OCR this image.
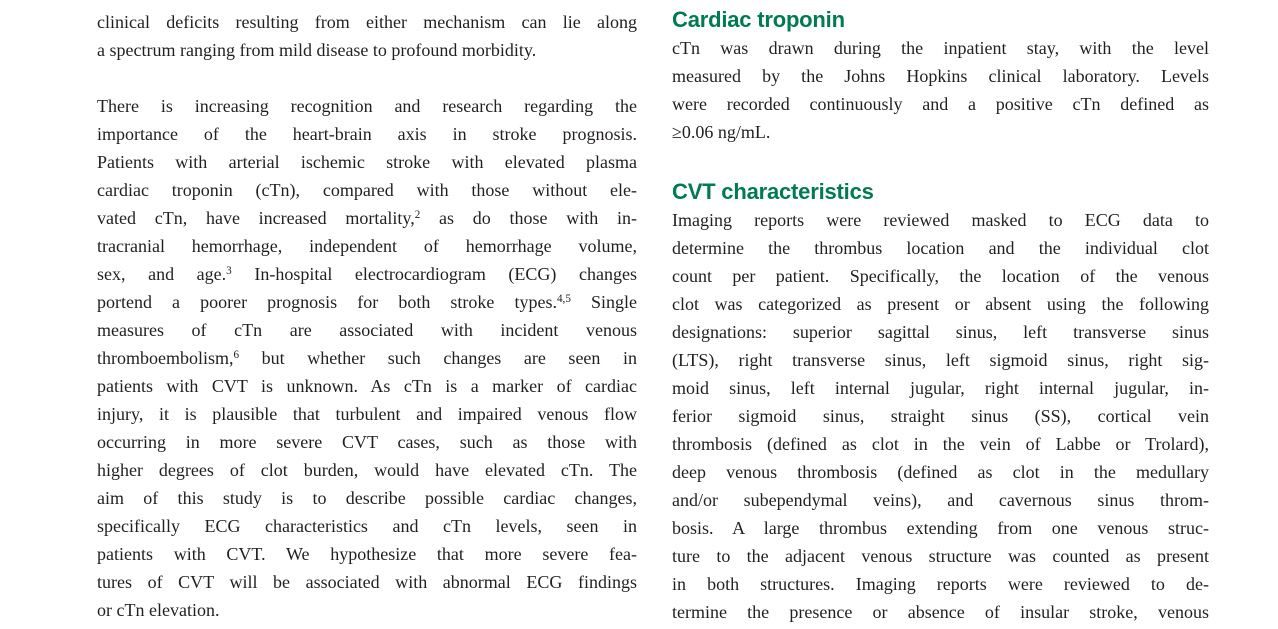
clinical deficits resulting from either mechanism can lie along
a spectrum ranging from mild disease to profound morbidity.
There is increasing recognition and research regarding the
importance of the heart-brain axis in stroke prognosis.
Patients with arterial ischemic stroke with elevated plasma
cardiac troponin (cTn), compared with those without ele-
vated cTn, have increased mortality,$^2$ as do those with in-
tracranial hemorrhage, independent of hemorrhage volume,
sex, and age.$^3$ In-hospital electrocardiogram (ECG) changes
portend a poorer prognosis for both stroke types.$^{4,5}$ Single
measures of cTn are associated with incident venous
thromboembolism,$^6$ but whether such changes are seen in
patients with CVT is unknown. As cTn is a marker of cardiac
injury, it is plausible that turbulent and impaired venous flow
occurring in more severe CVT cases, such as those with
higher degrees of clot burden, would have elevated cTn. The
aim of this study is to describe possible cardiac changes,
specifically ECG characteristics and cTn levels, seen in
patients with CVT. We hypothesize that more severe fea-
tures of CVT will be associated with abnormal ECG findings
or cTn elevation.
Cardiac troponin
cTn was drawn during the inpatient stay, with the level
measured by the Johns Hopkins clinical laboratory. Levels
were recorded continuously and a positive cTn defined as
≥0.06 ng/mL.
CVT characteristics
Imaging reports were reviewed masked to ECG data to
determine the thrombus location and the individual clot
count per patient. Specifically, the location of the venous
clot was categorized as present or absent using the following
designations: superior sagittal sinus, left transverse sinus
(LTS), right transverse sinus, left sigmoid sinus, right sig-
moid sinus, left internal jugular, right internal jugular, in-
ferior sigmoid sinus, straight sinus (SS), cortical vein
thrombosis (defined as clot in the vein of Labbe or Trolard),
deep venous thrombosis (defined as clot in the medullary
and/or subependymal veins), and cavernous sinus throm-
bosis. A large thrombus extending from one venous struc-
ture to the adjacent venous structure was counted as present
in both structures. Imaging reports were reviewed to de-
termine the presence or absence of insular stroke, venous
